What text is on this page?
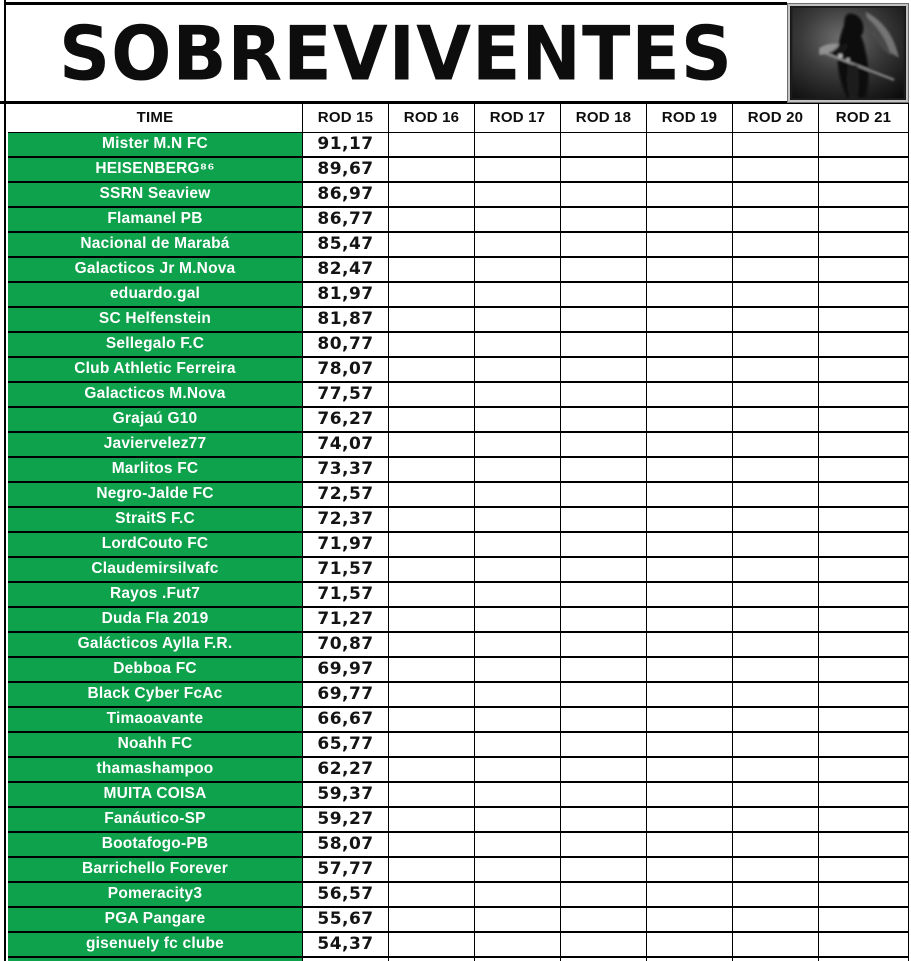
SOBREVIVENTES
TIME	ROD 15	ROD 16	ROD 17	ROD 18	ROD 19	ROD 20	ROD 21
Mister M.N FC	91,17
HEISENBERG⁸⁶	89,67
SSRN Seaview	86,97
Flamanel PB	86,77
Nacional de Marabá	85,47
Galacticos Jr M.Nova	82,47
eduardo.gal	81,97
SC Helfenstein	81,87
Sellegalo F.C	80,77
Club Athletic Ferreira	78,07
Galacticos M.Nova	77,57
Grajaú G10	76,27
Javiervelez77	74,07
Marlitos FC	73,37
Negro-Jalde FC	72,57
StraitS F.C	72,37
LordCouto FC	71,97
Claudemirsilvafc	71,57
Rayos .Fut7	71,57
Duda Fla 2019	71,27
Galácticos Aylla F.R.	70,87
Debboa FC	69,97
Black Cyber FcAc	69,77
Timaoavante	66,67
Noahh FC	65,77
thamashampoo	62,27
MUITA COISA	59,37
Fanáutico-SP	59,27
Bootafogo-PB	58,07
Barrichello Forever	57,77
Pomeracity3	56,57
PGA Pangare	55,67
gisenuely fc clube	54,37
